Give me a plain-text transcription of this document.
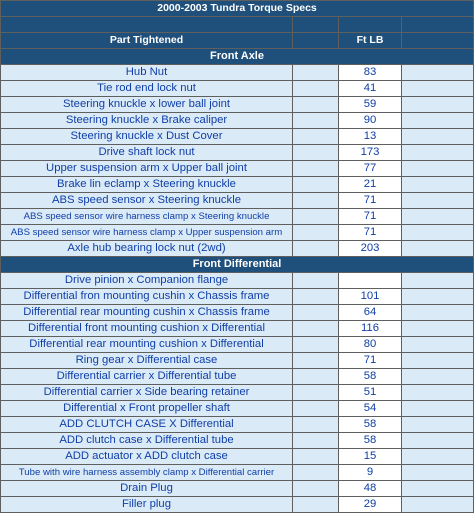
2000-2003 Tundra Torque Specs			

Part Tightened		Ft LB	
Front Axle			
Hub Nut		83	
Tie rod end lock nut		41	
Steering knuckle x lower ball joint		59	
Steering knuckle x Brake caliper		90	
Steering knuckle x Dust Cover		13	
Drive shaft lock nut		173	
Upper suspension arm x Upper ball joint		77	
Brake lin eclamp x Steering knuckle		21	
ABS speed sensor x Steering knuckle		71	
ABS speed sensor wire harness clamp x Steering knuckle		71	
ABS speed sensor wire harness clamp x Upper suspension arm		71	
Axle hub bearing lock nut (2wd)		203	
Front Differential			
Drive pinion x Companion flange			
Differential fron mounting cushin x Chassis frame		101	
Differential rear mounting cushin x Chassis frame		64	
Differential front mounting cushion x Differential		116	
Differential rear mounting cushion x Differential		80	
Ring gear x Differential case		71	
Differential carrier x Differential tube		58	
Differential carrier x Side bearing retainer		51	
Differential x Front propeller shaft		54	
ADD CLUTCH CASE X Differential		58	
ADD clutch case x Differential tube		58	
ADD actuator x ADD clutch case		15	
Tube with wire harness assembly clamp x Differential carrier		9	
Drain Plug		48	
Filler plug		29	
